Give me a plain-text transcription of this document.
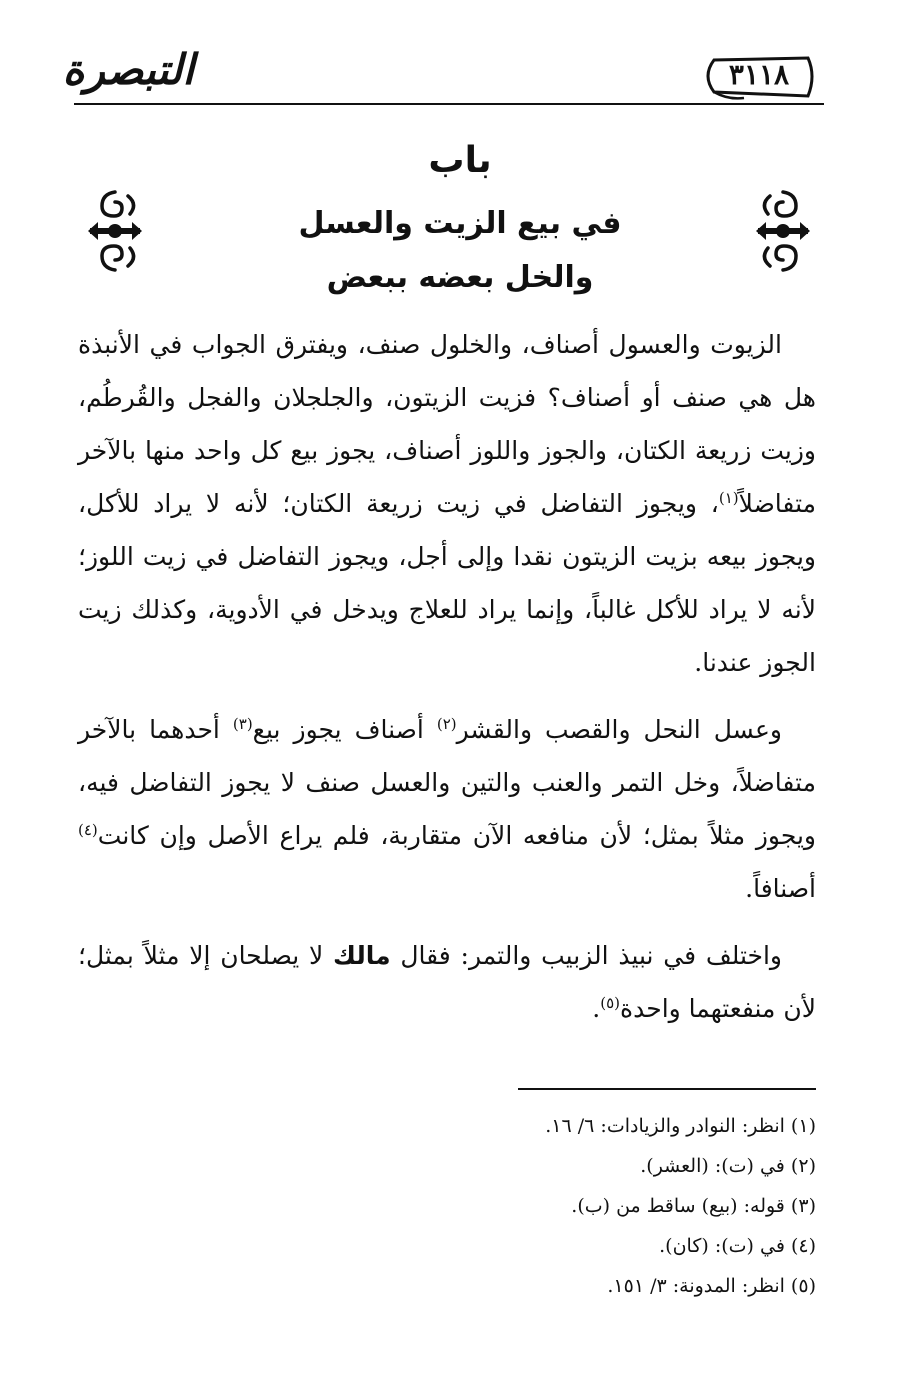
التبصرة	٣١١٨
باب
في بيع الزيت والعسل
والخل بعضه ببعض

الزيوت والعسول أصناف، والخلول صنف، ويفترق الجواب في الأنبذة هل هي صنف أو أصناف؟ فزيت الزيتون، والجلجلان والفجل والقُرطُم، وزيت زريعة الكتان، والجوز واللوز أصناف، يجوز بيع كل واحد منها بالآخر متفاضلاً$^{(١)}$، ويجوز التفاضل في زيت زريعة الكتان؛ لأنه لا يراد للأكل، ويجوز بيعه بزيت الزيتون نقدا وإلى أجل، ويجوز التفاضل في زيت اللوز؛ لأنه لا يراد للأكل غالباً، وإنما يراد للعلاج ويدخل في الأدوية، وكذلك زيت الجوز عندنا.

وعسل النحل والقصب والقشر$^{(٢)}$ أصناف يجوز بيع$^{(٣)}$ أحدهما بالآخر متفاضلاً، وخل التمر والعنب والتين والعسل صنف لا يجوز التفاضل فيه، ويجوز مثلاً بمثل؛ لأن منافعه الآن متقاربة، فلم يراع الأصل وإن كانت$^{(٤)}$ أصنافاً.

واختلف في نبيذ الزبيب والتمر: فقال مالك لا يصلحان إلا مثلاً بمثل؛ لأن منفعتهما واحدة$^{(٥)}$.

(١) انظر: النوادر والزيادات: ٦/ ١٦.

(٢) في (ت): (العشر).

(٣) قوله: (بيع) ساقط من (ب).

(٤) في (ت): (كان).

(٥) انظر: المدونة: ٣/ ١٥١.
